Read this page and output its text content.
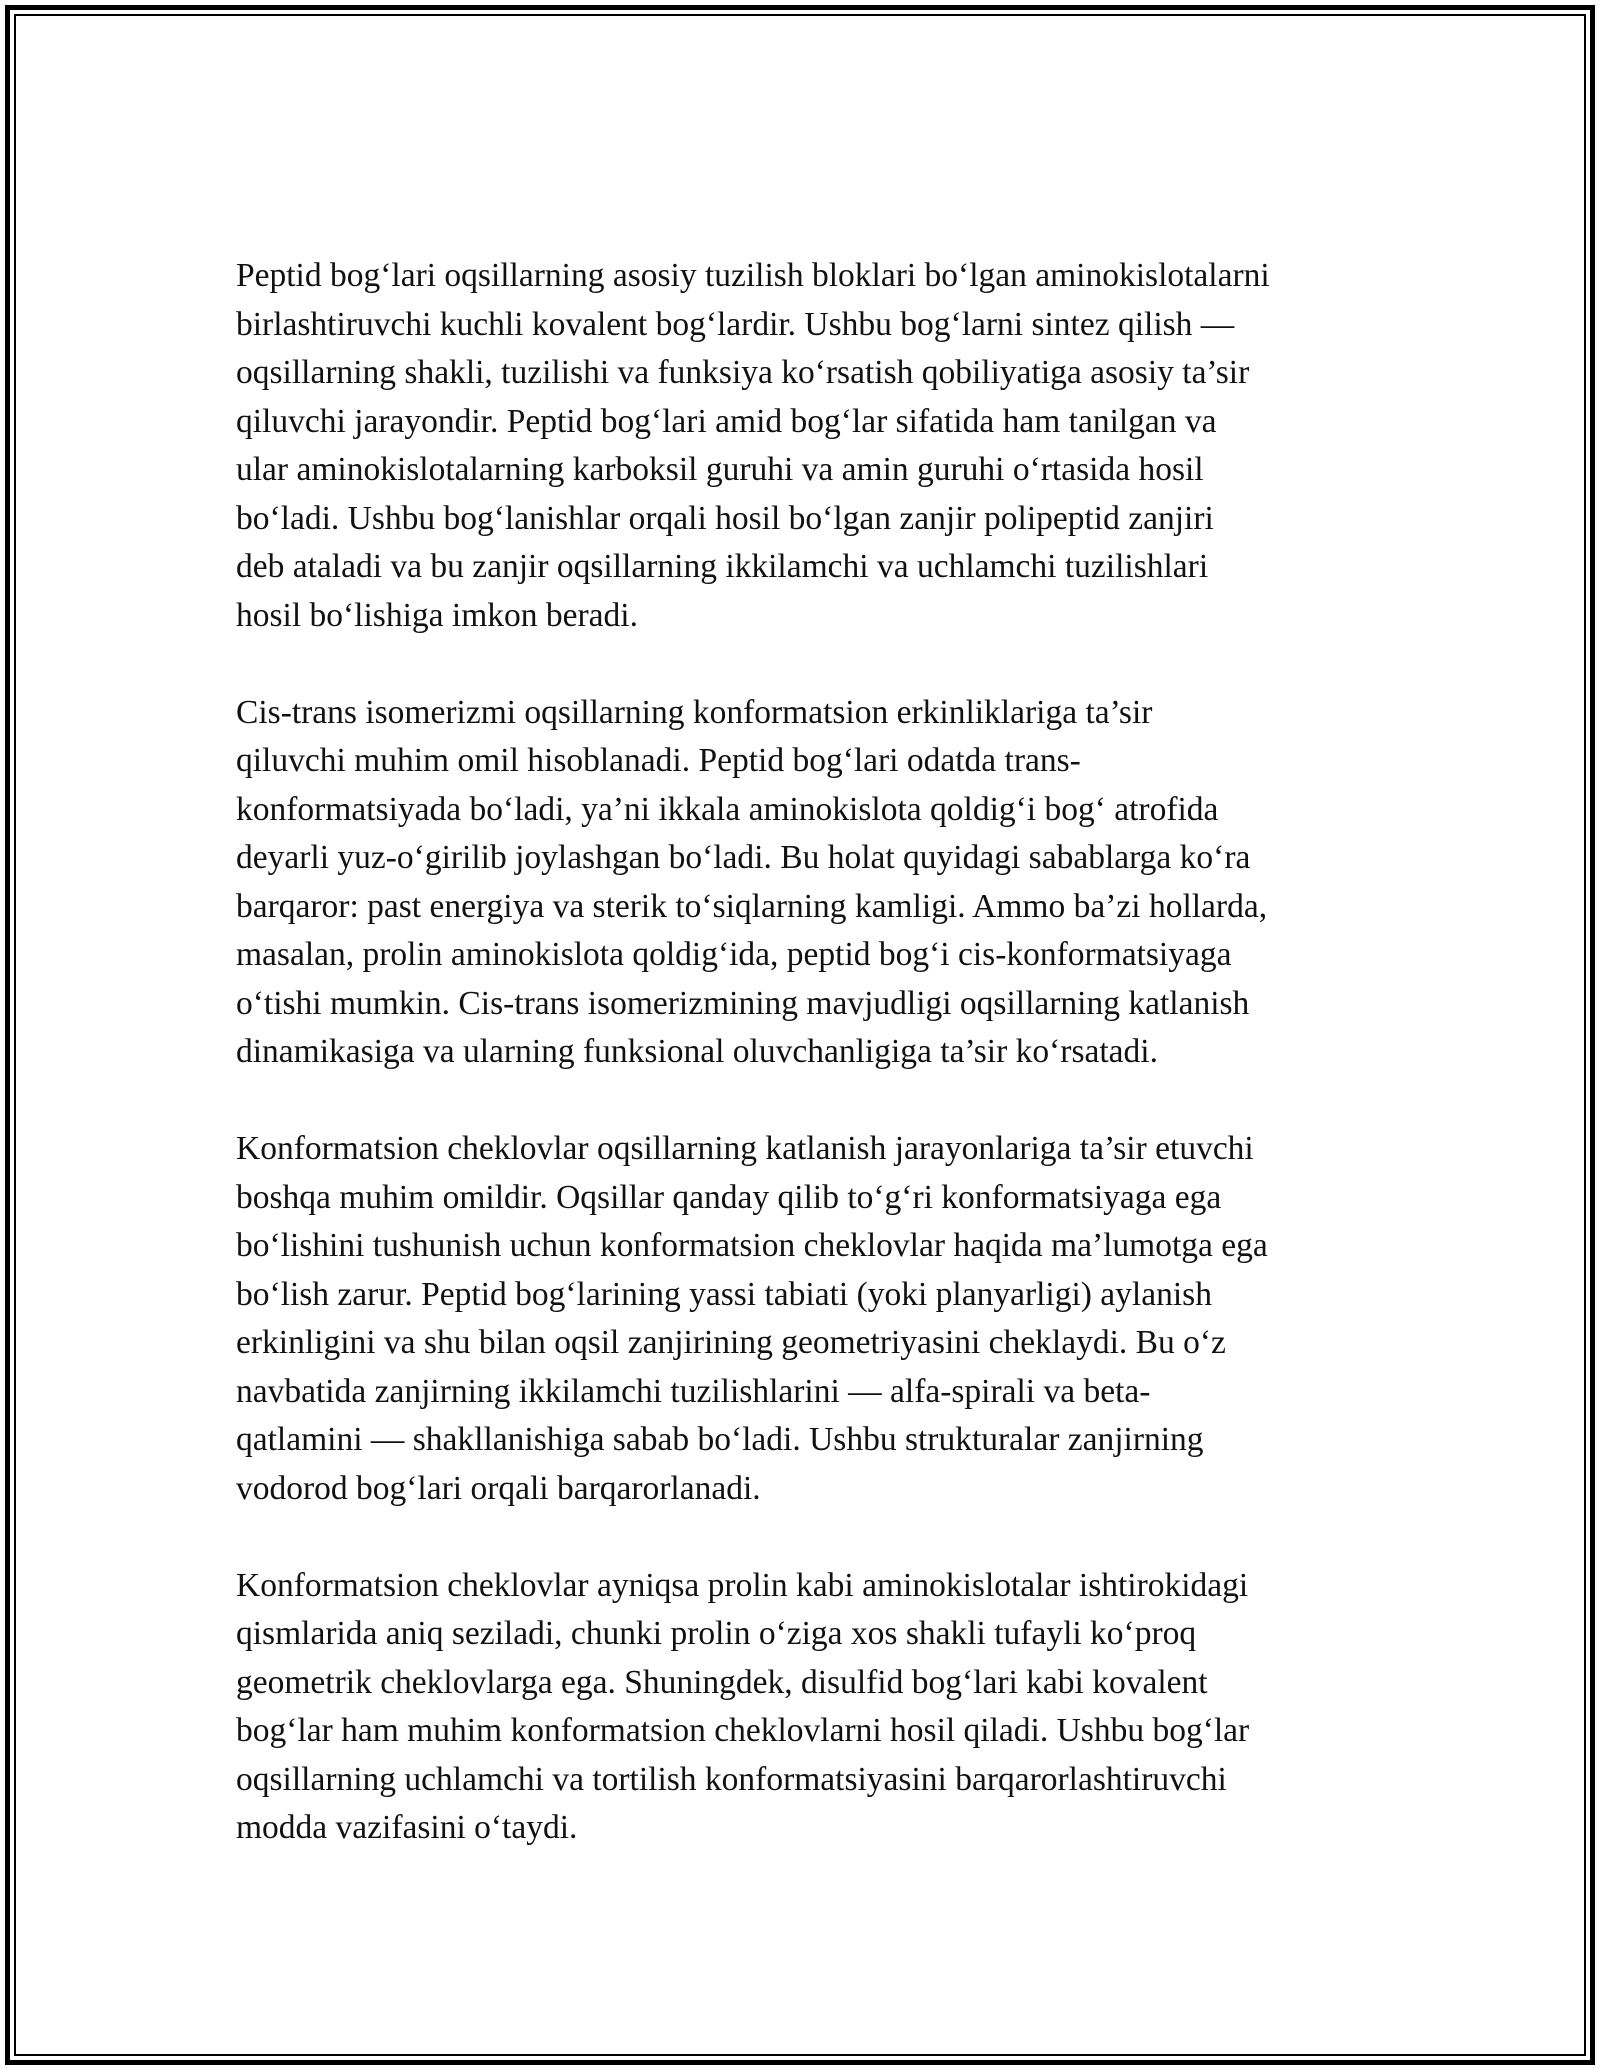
Peptid bog‘lari oqsillarning asosiy tuzilish bloklari bo‘lgan aminokislotalarni
birlashtiruvchi kuchli kovalent bog‘lardir. Ushbu bog‘larni sintez qilish —
oqsillarning shakli, tuzilishi va funksiya ko‘rsatish qobiliyatiga asosiy ta’sir
qiluvchi jarayondir. Peptid bog‘lari amid bog‘lar sifatida ham tanilgan va
ular aminokislotalarning karboksil guruhi va amin guruhi o‘rtasida hosil
bo‘ladi. Ushbu bog‘lanishlar orqali hosil bo‘lgan zanjir polipeptid zanjiri
deb ataladi va bu zanjir oqsillarning ikkilamchi va uchlamchi tuzilishlari
hosil bo‘lishiga imkon beradi.

Cis-trans isomerizmi oqsillarning konformatsion erkinliklariga ta’sir
qiluvchi muhim omil hisoblanadi. Peptid bog‘lari odatda trans-
konformatsiyada bo‘ladi, ya’ni ikkala aminokislota qoldig‘i bog‘ atrofida
deyarli yuz-o‘girilib joylashgan bo‘ladi. Bu holat quyidagi sabablarga ko‘ra
barqaror: past energiya va sterik to‘siqlarning kamligi. Ammo ba’zi hollarda,
masalan, prolin aminokislota qoldig‘ida, peptid bog‘i cis-konformatsiyaga
o‘tishi mumkin. Cis-trans isomerizmining mavjudligi oqsillarning katlanish
dinamikasiga va ularning funksional oluvchanligiga ta’sir ko‘rsatadi.

Konformatsion cheklovlar oqsillarning katlanish jarayonlariga ta’sir etuvchi
boshqa muhim omildir. Oqsillar qanday qilib to‘g‘ri konformatsiyaga ega
bo‘lishini tushunish uchun konformatsion cheklovlar haqida ma’lumotga ega
bo‘lish zarur. Peptid bog‘larining yassi tabiati (yoki planyarligi) aylanish
erkinligini va shu bilan oqsil zanjirining geometriyasini cheklaydi. Bu o‘z
navbatida zanjirning ikkilamchi tuzilishlarini — alfa-spirali va beta-
qatlamini — shakllanishiga sabab bo‘ladi. Ushbu strukturalar zanjirning
vodorod bog‘lari orqali barqarorlanadi.

Konformatsion cheklovlar ayniqsa prolin kabi aminokislotalar ishtirokidagi
qismlarida aniq seziladi, chunki prolin o‘ziga xos shakli tufayli ko‘proq
geometrik cheklovlarga ega. Shuningdek, disulfid bog‘lari kabi kovalent
bog‘lar ham muhim konformatsion cheklovlarni hosil qiladi. Ushbu bog‘lar
oqsillarning uchlamchi va tortilish konformatsiyasini barqarorlashtiruvchi
modda vazifasini o‘taydi.
